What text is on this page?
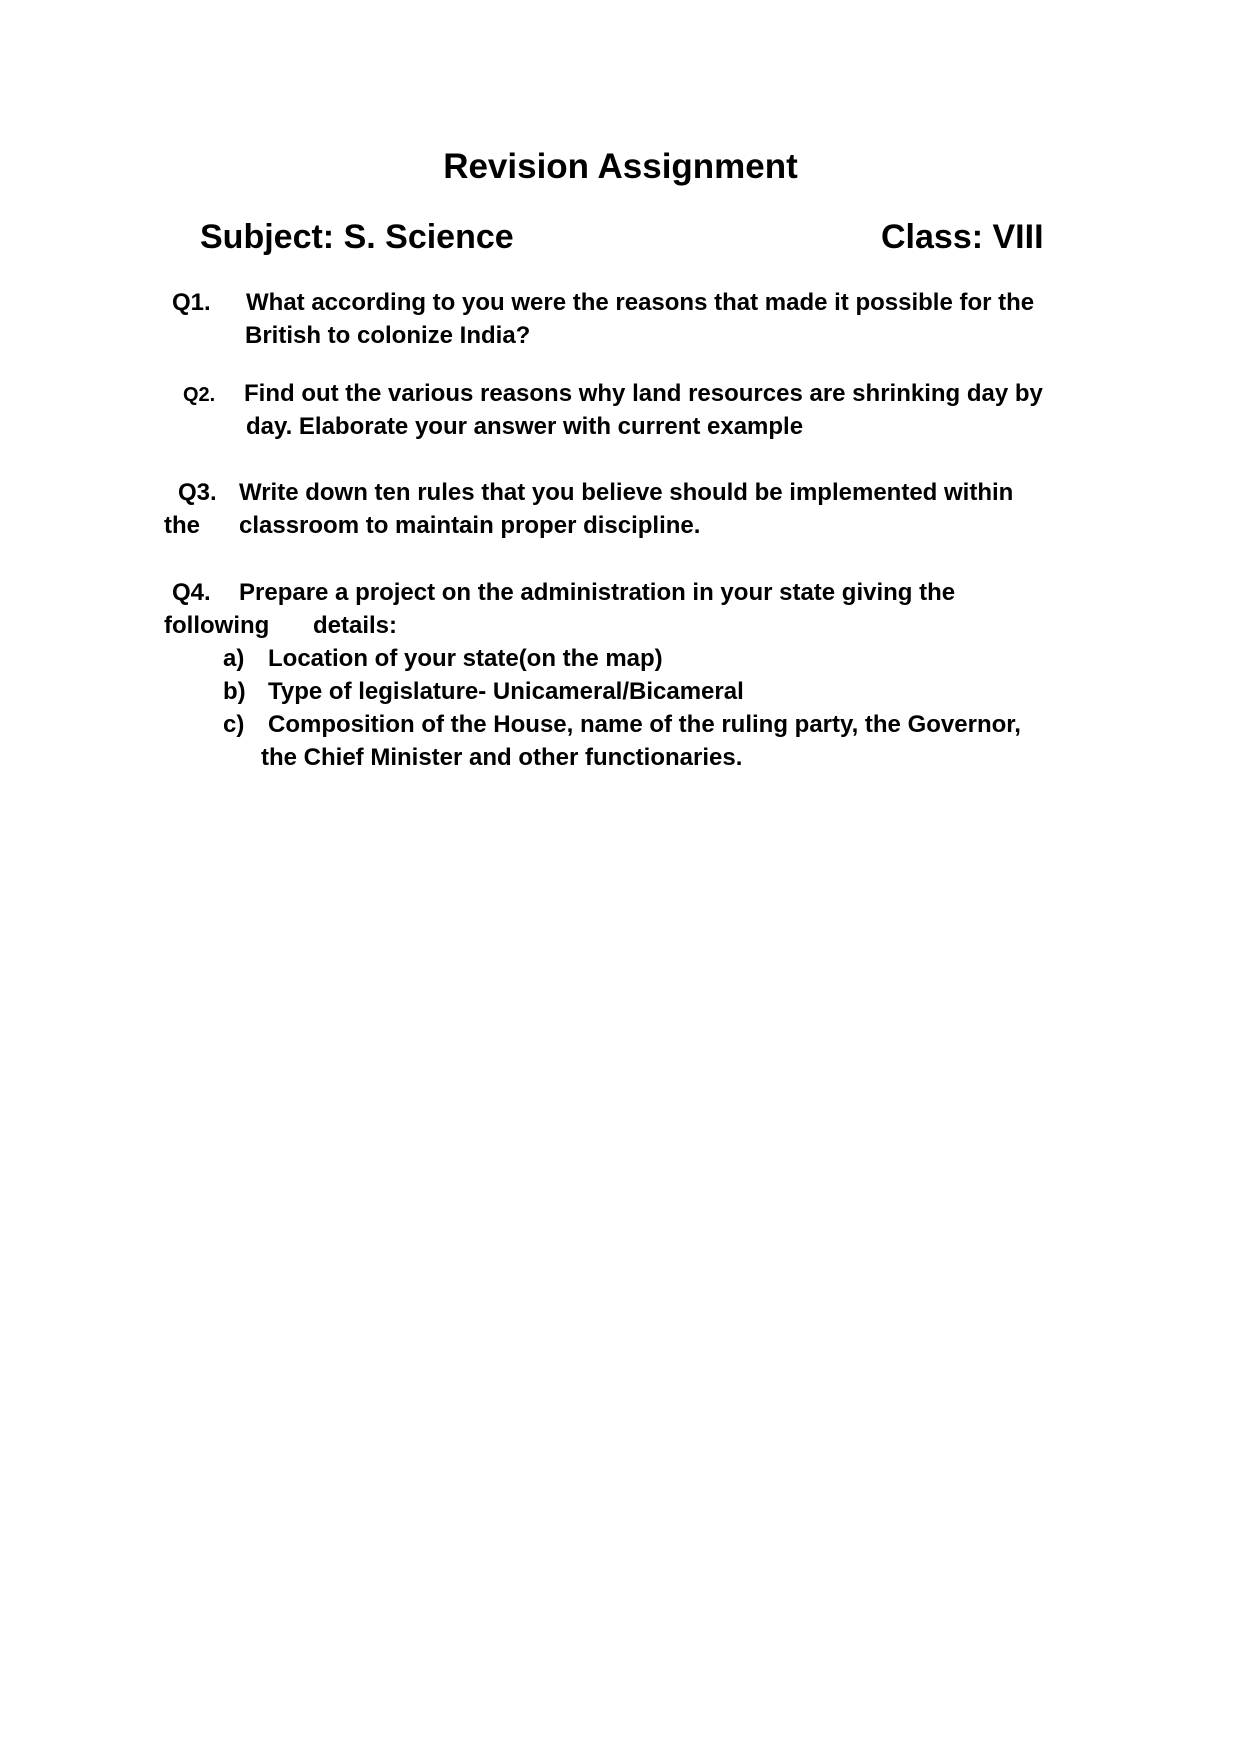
Revision Assignment
Subject: S. Science	Class: VIII
Q1. What according to you were the reasons that made it possible for the
British to colonize India?
Q2. Find out the various reasons why land resources are shrinking day by
day. Elaborate your answer with current example
Q3. Write down ten rules that you believe should be implemented within
the classroom to maintain proper discipline.
Q4. Prepare a project on the administration in your state giving the
following details:
a) Location of your state(on the map)
b) Type of legislature- Unicameral/Bicameral
c) Composition of the House, name of the ruling party, the Governor,
the Chief Minister and other functionaries.
